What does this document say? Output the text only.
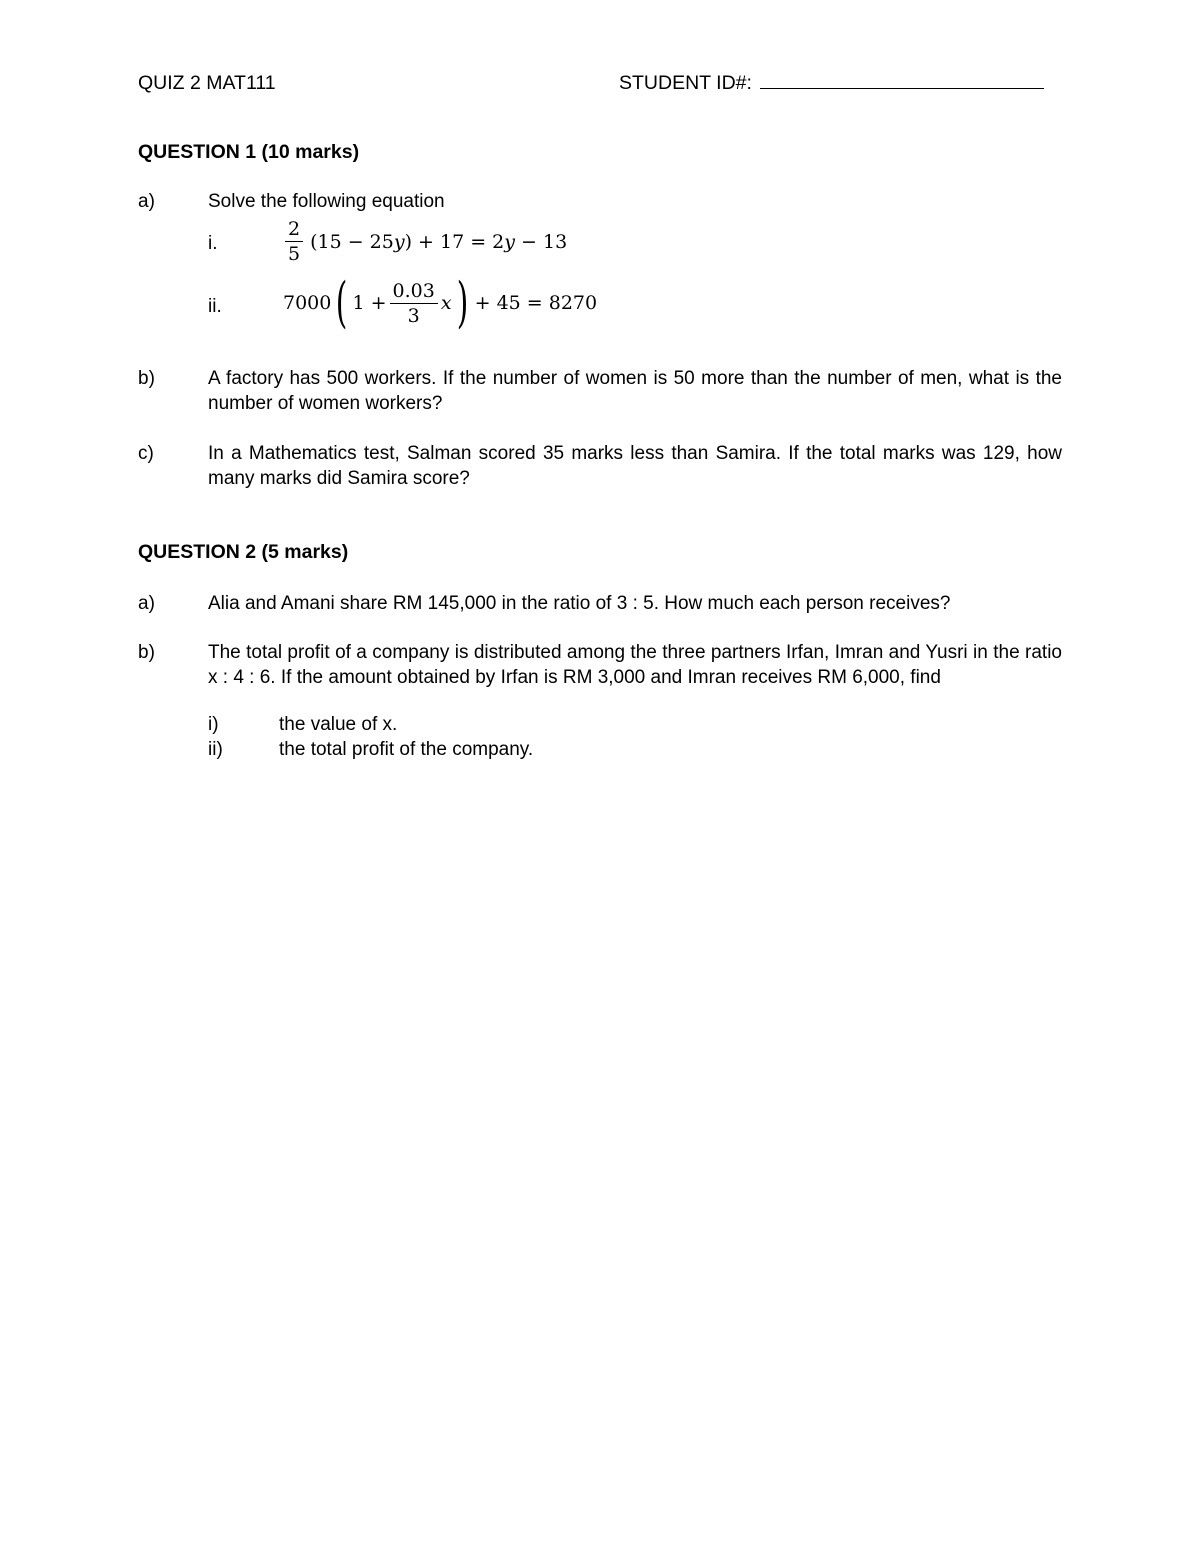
QUIZ 2 MAT111	STUDENT ID#:
QUESTION 1 (10 marks)
a)	Solve the following equation
i.	$\frac{2}{5} (15$ − 25𝑦) + 17 = 2𝑦 − 13
ii.	7000 ( $1 + \frac{0.03}{3}$ 𝑥 ) + 45 = 8270
b)	A factory has 500 workers. If the number of women is 50 more than the number of men, what is the number of women workers?
c)	In a Mathematics test, Salman scored 35 marks less than Samira. If the total marks was 129, how many marks did Samira score?
QUESTION 2 (5 marks)
a)	Alia and Amani share RM 145,000 in the ratio of 3 : 5. How much each person receives?
b)	The total profit of a company is distributed among the three partners Irfan, Imran and Yusri in the ratio x : 4 : 6. If the amount obtained by Irfan is RM 3,000 and Imran receives RM 6,000, find
i)	the value of x.
ii)	the total profit of the company.
